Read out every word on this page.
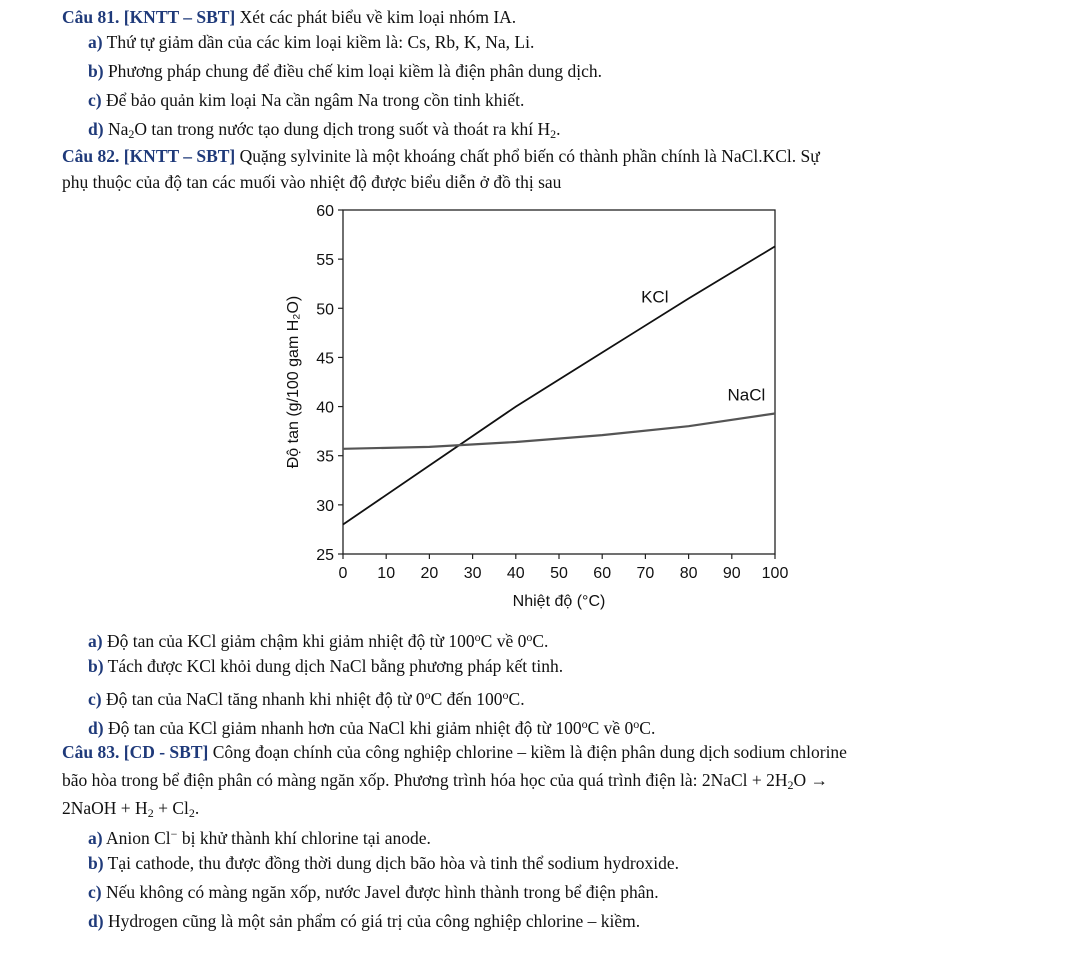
Câu 81. [KNTT – SBT] Xét các phát biểu về kim loại nhóm IA.
a) Thứ tự giảm dần của các kim loại kiềm là: Cs, Rb, K, Na, Li.
b) Phương pháp chung để điều chế kim loại kiềm là điện phân dung dịch.
c) Để bảo quản kim loại Na cần ngâm Na trong cồn tinh khiết.
d) $Na_2O$ tan trong nước tạo dung dịch trong suốt và thoát ra khí $H_2$.
Câu 82. [KNTT – SBT] Quặng sylvinite là một khoáng chất phổ biến có thành phần chính là NaCl.KCl. Sự
phụ thuộc của độ tan các muối vào nhiệt độ được biểu diễn ở đồ thị sau
0 10 20 30 40 50 60 70 80 90 100
25
30
35
40
45
50
55
60
Nhiệt độ (°C)
Độ tan (g/100 gam H₂O)	KCl
NaCl
a) Độ tan của KCl giảm chậm khi giảm nhiệt độ từ 100$^o$C về 0$^o$C.
b) Tách được KCl khỏi dung dịch NaCl bằng phương pháp kết tinh.
c) Độ tan của NaCl tăng nhanh khi nhiệt độ từ 0$^o$C đến 100$^o$C.
d) Độ tan của KCl giảm nhanh hơn của NaCl khi giảm nhiệt độ từ 100$^o$C về 0$^o$C.
Câu 83. [CD - SBT] Công đoạn chính của công nghiệp chlorine – kiềm là điện phân dung dịch sodium chlorine
bão hòa trong bể điện phân có màng ngăn xốp. Phương trình hóa học của quá trình điện là: 2NaCl + $2H_2O$ →
2NaOH + $H_2 + Cl_2$.
a) Anion Cl− bị khử thành khí chlorine tại anode.
b) Tại cathode, thu được đồng thời dung dịch bão hòa và tinh thể sodium hydroxide.
c) Nếu không có màng ngăn xốp, nước Javel được hình thành trong bể điện phân.
d) Hydrogen cũng là một sản phẩm có giá trị của công nghiệp chlorine – kiềm.
